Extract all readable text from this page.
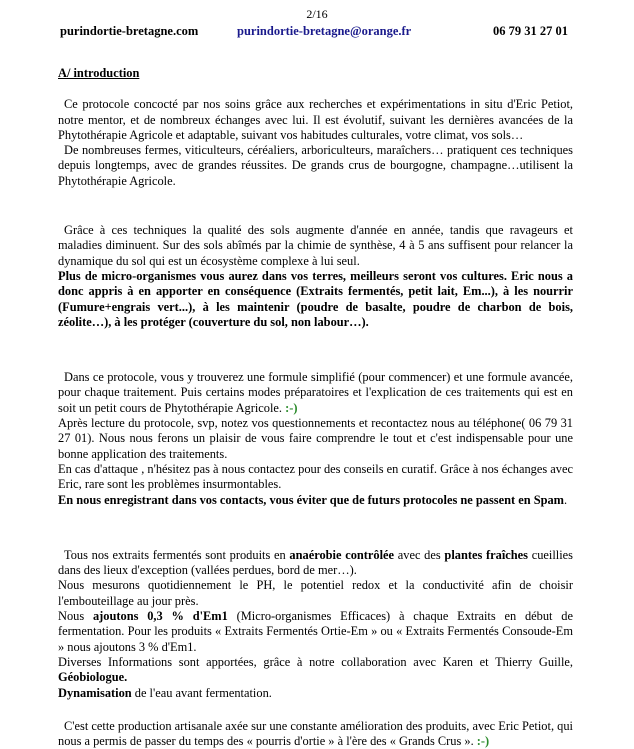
2/16
purindortie-bretagne.com	purindortie-bretagne@orange.fr	06 79 31 27 01
A/ introduction

Ce protocole concocté par nos soins grâce aux recherches et expérimentations in situ d'Eric Petiot, notre mentor, et de nombreux échanges avec lui. Il est évolutif, suivant les dernières avancées de la Phytothérapie Agricole et adaptable, suivant vos habitudes culturales, votre climat, vos sols…

De nombreuses fermes, viticulteurs, céréaliers, arboriculteurs, maraîchers… pratiquent ces techniques depuis longtemps, avec de grandes réussites. De grands crus de bourgogne, champagne…utilisent la Phytothérapie Agricole.

Grâce à ces techniques la qualité des sols augmente d'année en année, tandis que ravageurs et maladies diminuent. Sur des sols abîmés par la chimie de synthèse, 4 à 5 ans suffisent pour relancer la dynamique du sol qui est un écosystème complexe à lui seul.

Plus de micro-organismes vous aurez dans vos terres, meilleurs seront vos cultures. Eric nous a donc appris à en apporter en conséquence (Extraits fermentés, petit lait, Em...), à les nourrir (Fumure+engrais vert...), à les maintenir (poudre de basalte, poudre de charbon de bois, zéolite…), à les protéger (couverture du sol, non labour…).

Dans ce protocole, vous y trouverez une formule simplifié (pour commencer) et une formule avancée, pour chaque traitement. Puis certains modes préparatoires et l'explication de ces traitements qui est en soit un petit cours de Phytothérapie Agricole. :-)

Après lecture du protocole, svp, notez vos questionnements et recontactez nous au téléphone( 06 79 31 27 01). Nous nous ferons un plaisir de vous faire comprendre le tout et c'est indispensable pour une bonne application des traitements.

En cas d'attaque , n'hésitez pas à nous contactez pour des conseils en curatif. Grâce à nos échanges avec Eric, rare sont les problèmes insurmontables.

En nous enregistrant dans vos contacts, vous éviter que de futurs protocoles ne passent en Spam.

Tous nos extraits fermentés sont produits en anaérobie contrôlée avec des plantes fraîches cueillies dans des lieux d'exception (vallées perdues, bord de mer…).

Nous mesurons quotidiennement le PH, le potentiel redox et la conductivité afin de choisir l'embouteillage au jour près.

Nous ajoutons 0,3 % d'Em1 (Micro-organismes Efficaces) à chaque Extraits en début de fermentation. Pour les produits « Extraits Fermentés Ortie-Em » ou « Extraits Fermentés Consoude-Em » nous ajoutons 3 % d'Em1.

Diverses Informations sont apportées, grâce à notre collaboration avec Karen et Thierry Guille, Géobiologue.

Dynamisation de l'eau avant fermentation.

C'est cette production artisanale axée sur une constante amélioration des produits, avec Eric Petiot, qui nous a permis de passer du temps des « pourris d'ortie » à l'ère des « Grands Crus ». :-)
